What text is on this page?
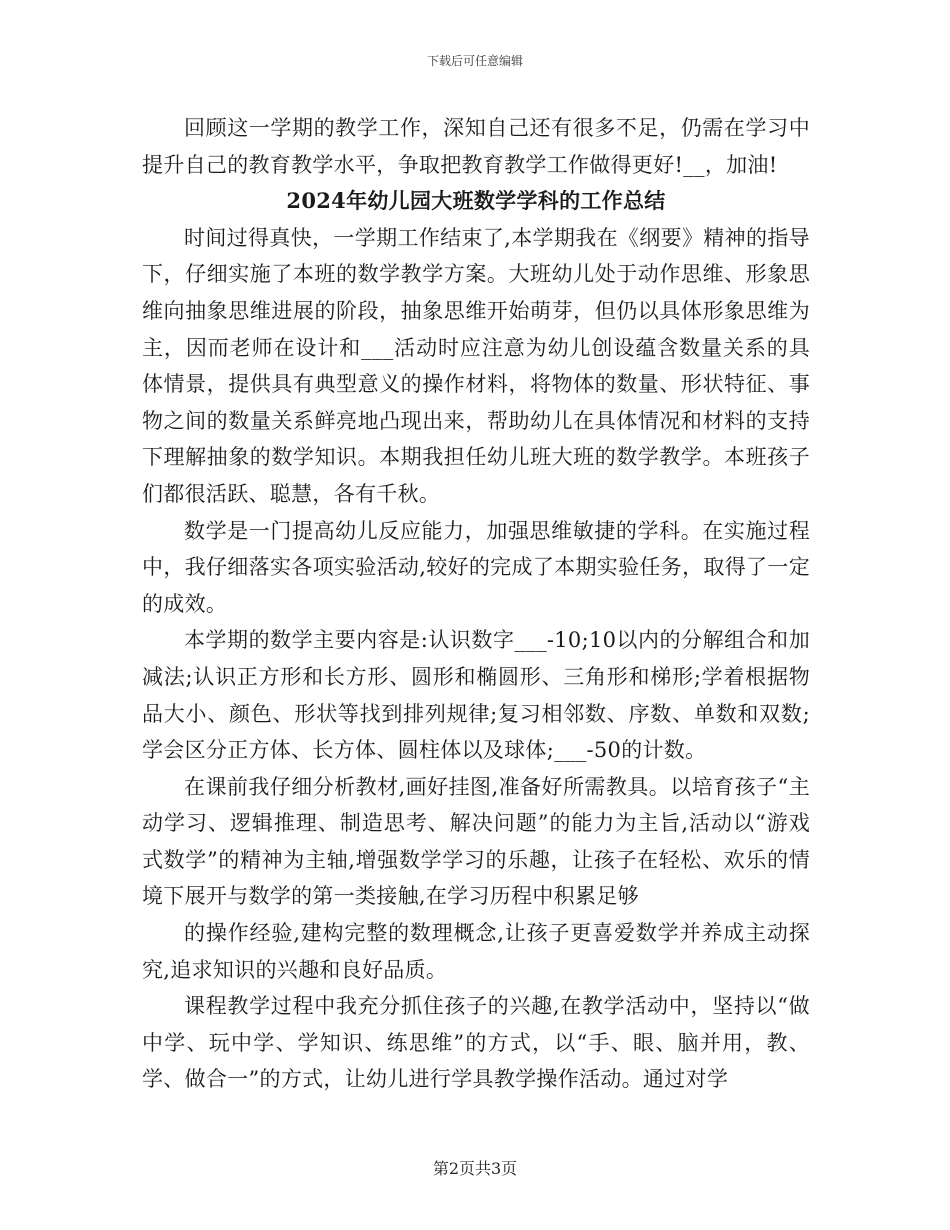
下载后可任意编辑

回顾这一学期的教学工作，深知自己还有很多不足，仍需在学习中提升自己的教育教学水平，争取把教育教学工作做得更好!__，加油!

2024年幼儿园大班数学学科的工作总结

时间过得真快，一学期工作结束了,本学期我在《纲要》精神的指导下，仔细实施了本班的数学教学方案。大班幼儿处于动作思维、形象思维向抽象思维进展的阶段，抽象思维开始萌芽，但仍以具体形象思维为主，因而老师在设计和___活动时应注意为幼儿创设蕴含数量关系的具体情景，提供具有典型意义的操作材料，将物体的数量、形状特征、事物之间的数量关系鲜亮地凸现出来，帮助幼儿在具体情况和材料的支持下理解抽象的数学知识。本期我担任幼儿班大班的数学教学。本班孩子们都很活跃、聪慧，各有千秋。

数学是一门提高幼儿反应能力，加强思维敏捷的学科。在实施过程中，我仔细落实各项实验活动,较好的完成了本期实验任务，取得了一定的成效。

本学期的数学主要内容是:认识数字___-10;10以内的分解组合和加减法;认识正方形和长方形、圆形和椭圆形、三角形和梯形;学着根据物品大小、颜色、形状等找到排列规律;复习相邻数、序数、单数和双数;学会区分正方体、长方体、圆柱体以及球体;___-50的计数。

在课前我仔细分析教材,画好挂图,准备好所需教具。以培育孩子“主动学习、逻辑推理、制造思考、解决问题”的能力为主旨,活动以“游戏式数学”的精神为主轴,增强数学学习的乐趣，让孩子在轻松、欢乐的情境下展开与数学的第一类接触,在学习历程中积累足够

的操作经验,建构完整的数理概念,让孩子更喜爱数学并养成主动探究,追求知识的兴趣和良好品质。

课程教学过程中我充分抓住孩子的兴趣,在教学活动中，坚持以“做中学、玩中学、学知识、练思维”的方式，以“手、眼、脑并用，教、学、做合一”的方式，让幼儿进行学具教学操作活动。通过对学

第2页共3页
